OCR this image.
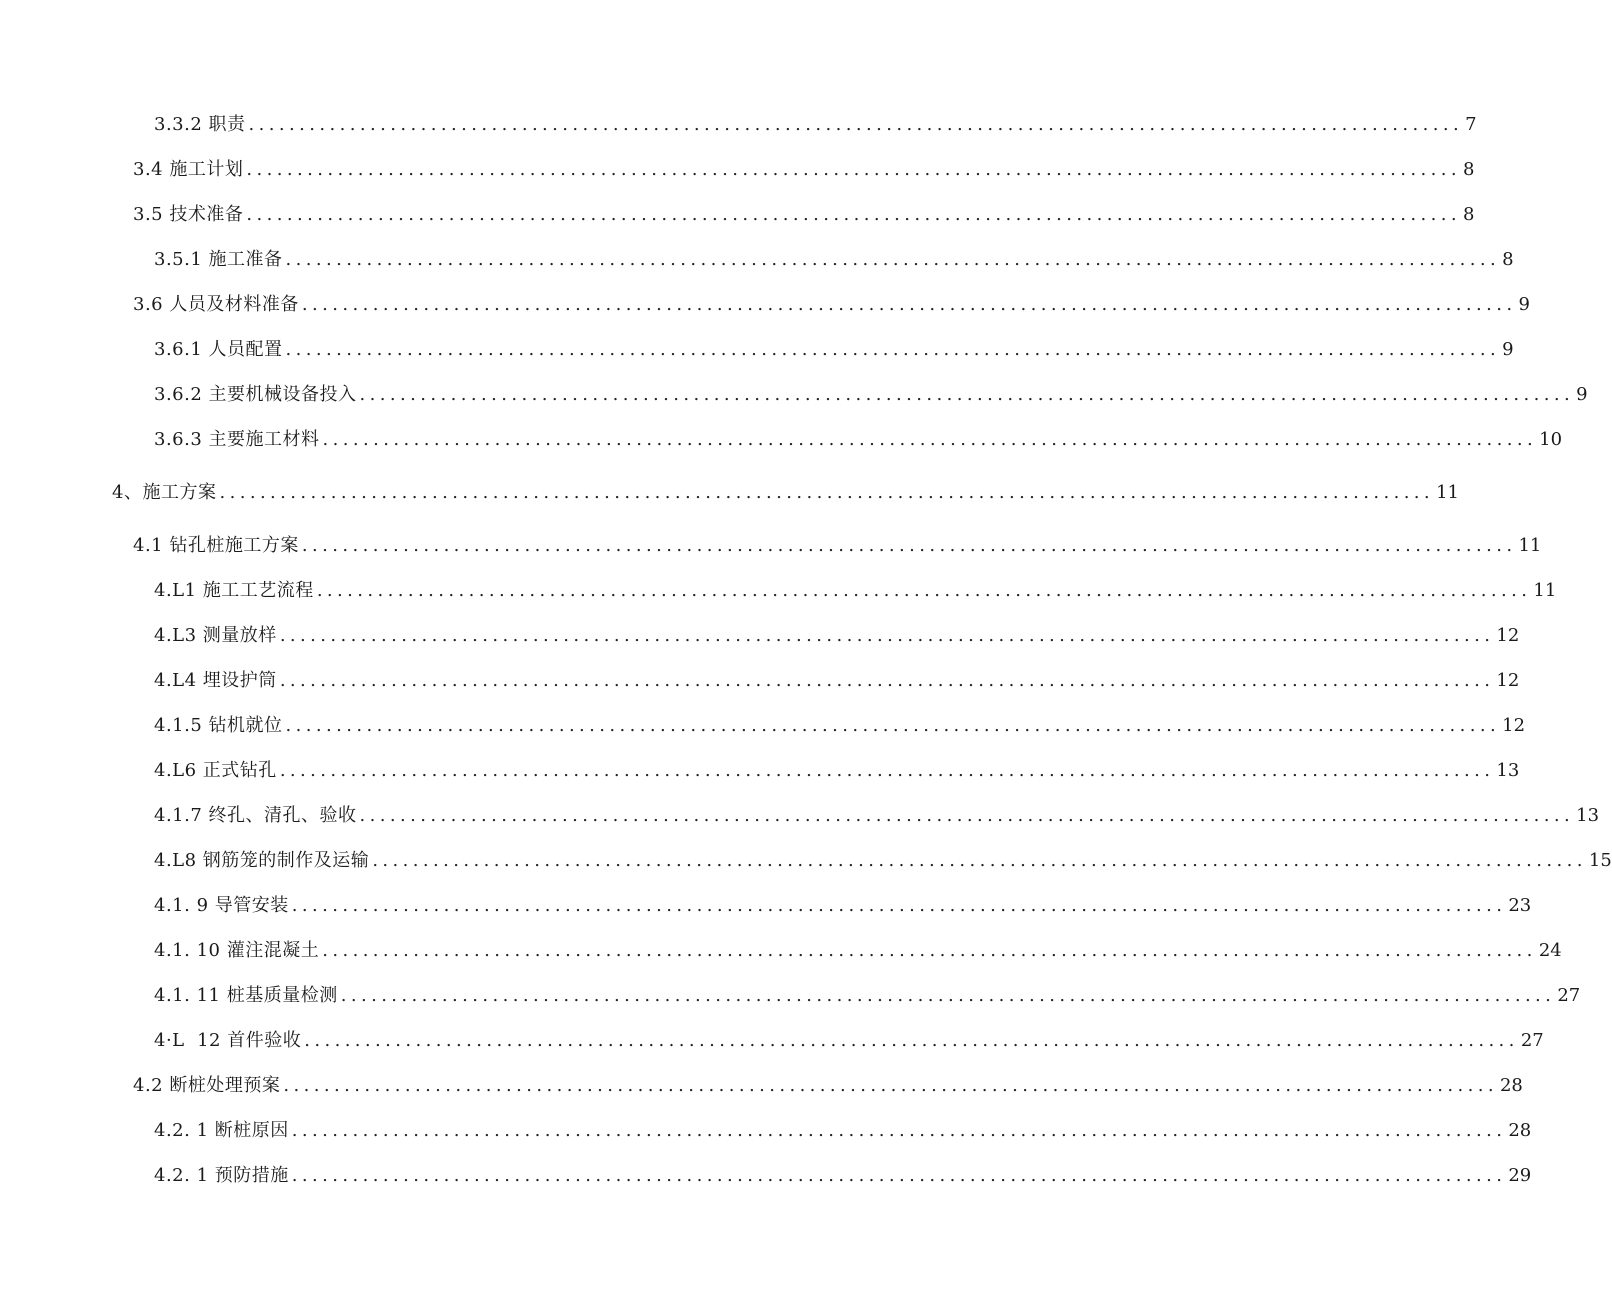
3.3.2 职责 ........................................................................................................................ 7
3.4 施工计划 ........................................................................................................................ 8
3.5 技术准备 ........................................................................................................................ 8
3.5.1 施工准备 ........................................................................................................................ 8
3.6 人员及材料准备 ........................................................................................................................ 9
3.6.1 人员配置 ........................................................................................................................ 9
3.6.2 主要机械设备投入 ........................................................................................................................ 9
3.6.3 主要施工材料 ........................................................................................................................ 10
4、施工方案 ........................................................................................................................ 11
4.1 钻孔桩施工方案 ........................................................................................................................ 11
4.L1 施工工艺流程 ........................................................................................................................ 11
4.L3 测量放样 ........................................................................................................................ 12
4.L4 埋设护筒 ........................................................................................................................ 12
4.1.5 钻机就位 ........................................................................................................................ 12
4.L6 正式钻孔 ........................................................................................................................ 13
4.1.7 终孔、清孔、验收 ........................................................................................................................ 13
4.L8 钢筋笼的制作及运输 ........................................................................................................................ 15
4.1. 9 导管安装 ........................................................................................................................ 23
4.1. 10 灌注混凝土 ........................................................................................................................ 24
4.1. 11 桩基质量检测 ........................................................................................................................ 27
4·L  12 首件验收 ........................................................................................................................ 27
4.2 断桩处理预案 ........................................................................................................................ 28
4.2. 1 断桩原因 ........................................................................................................................ 28
4.2. 1 预防措施 ........................................................................................................................ 29
